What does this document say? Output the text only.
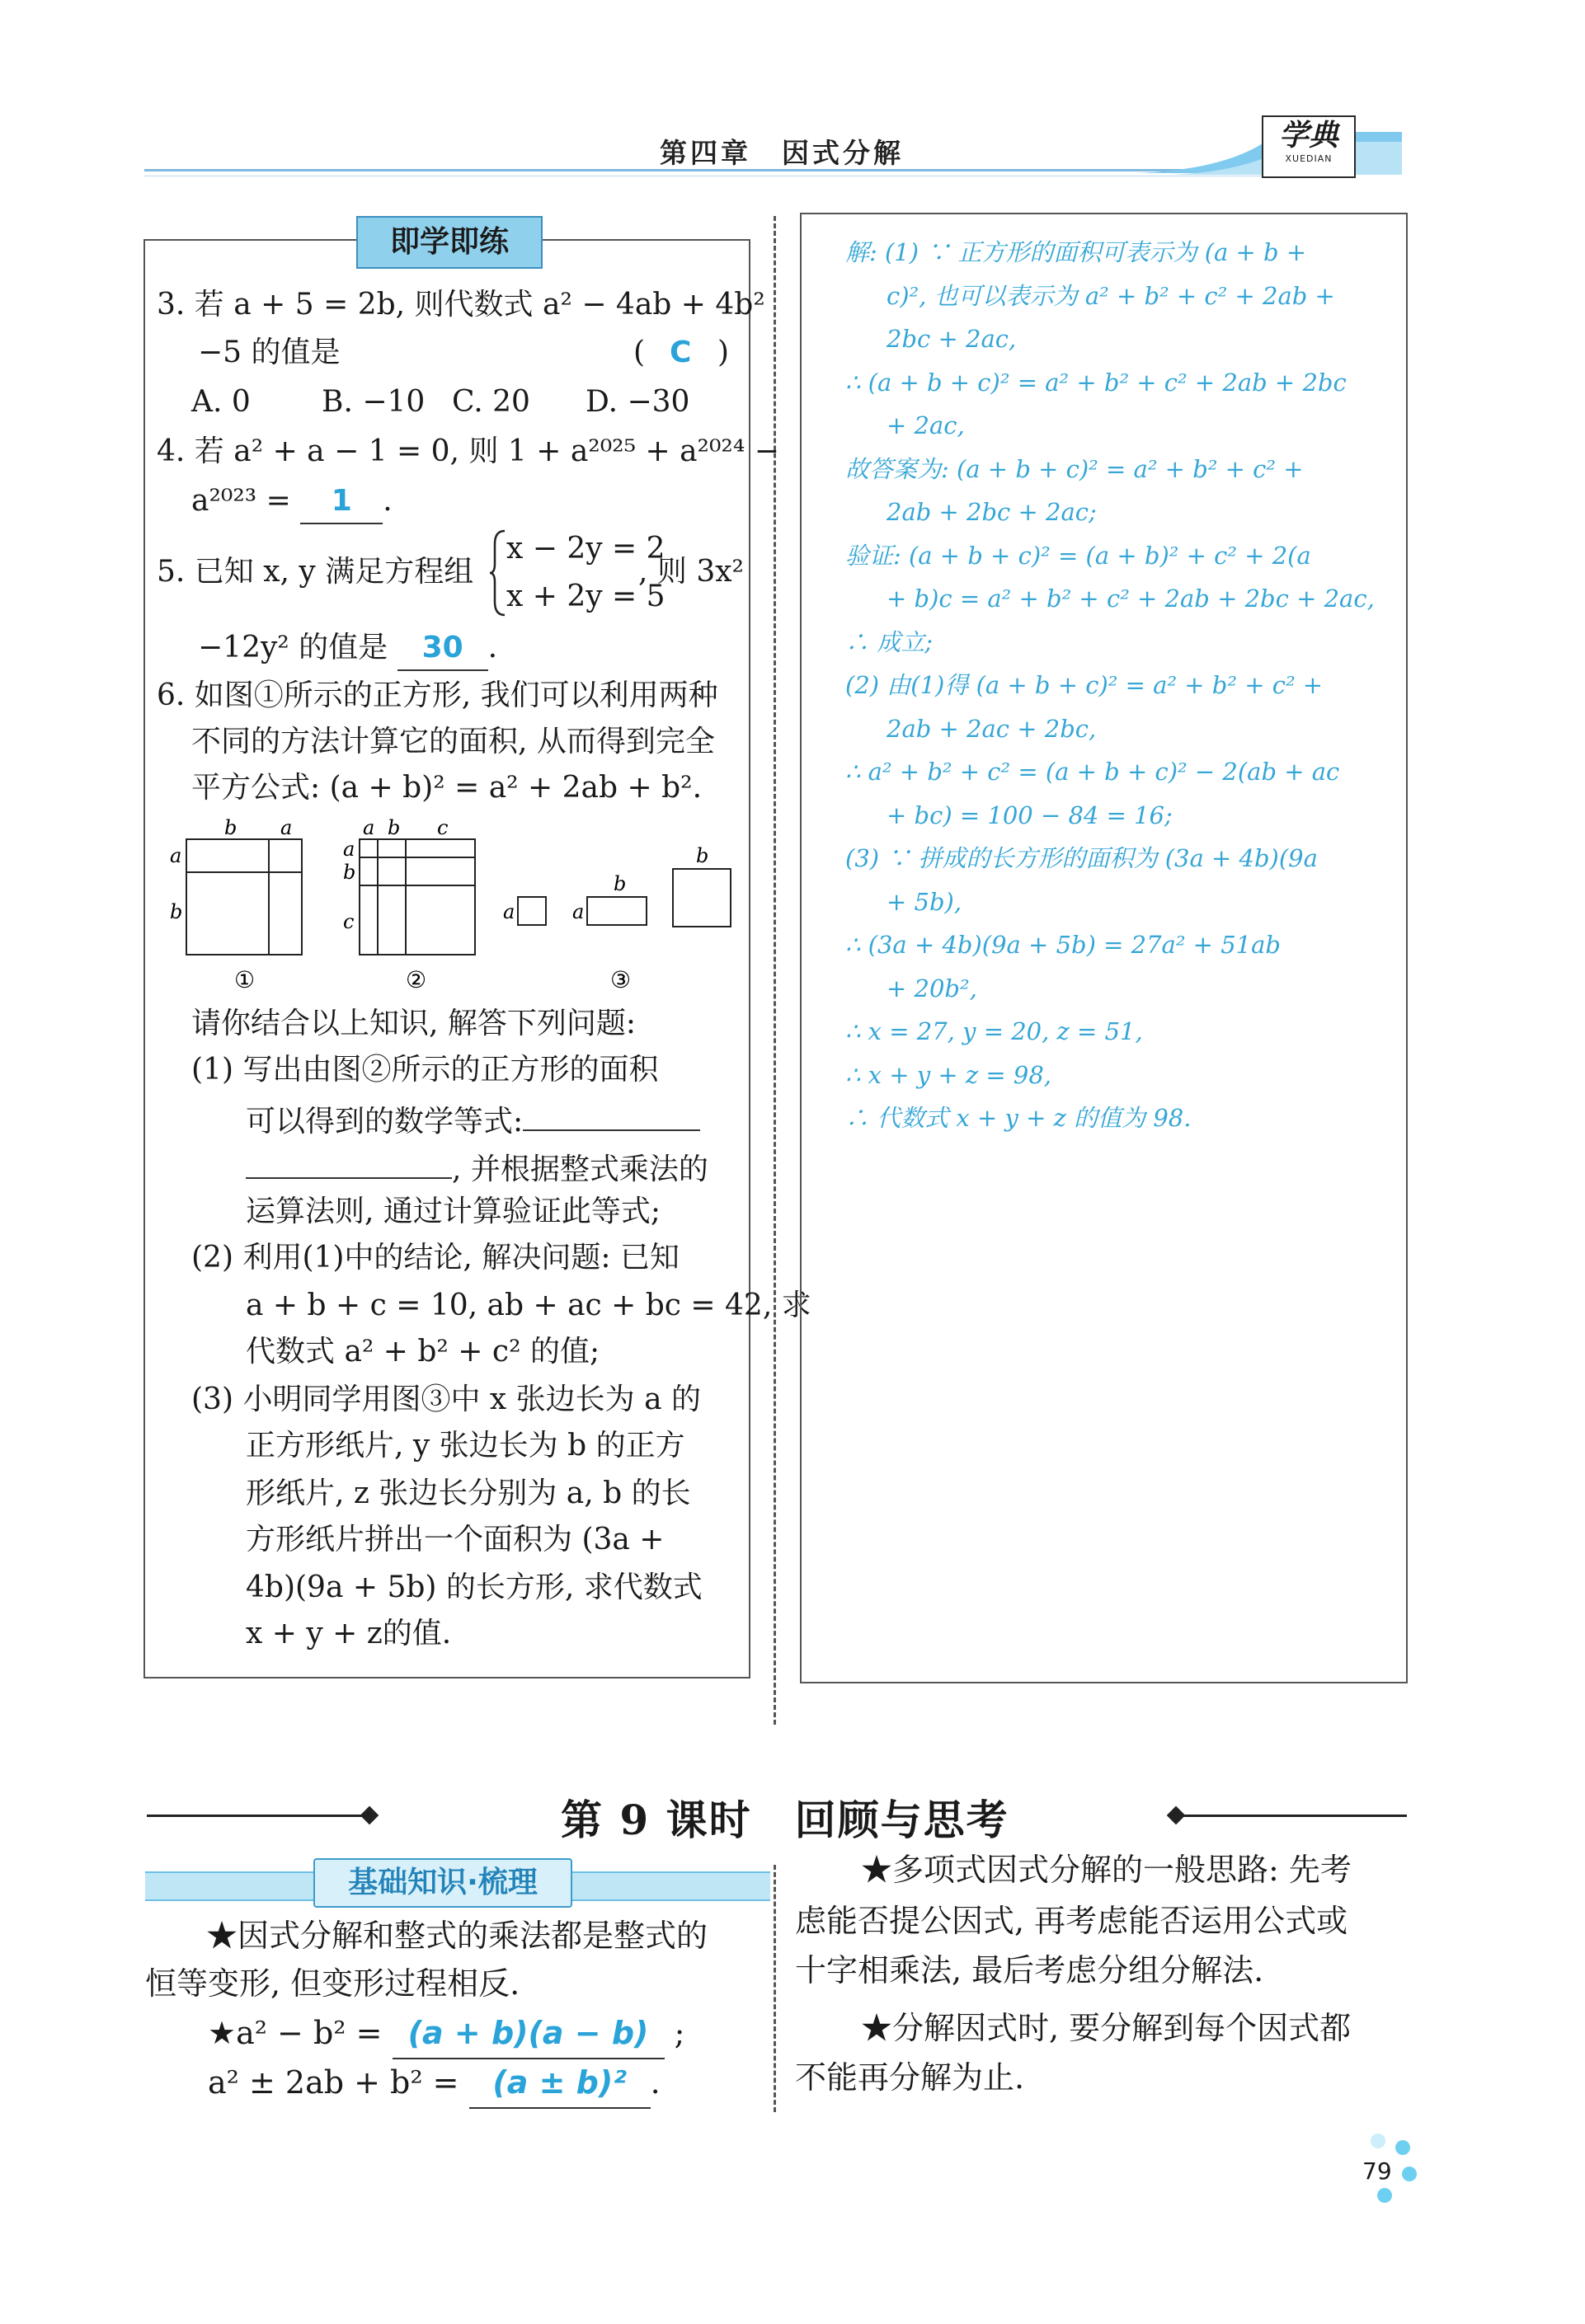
第四章　因式分解
学典
XUEDIAN
即学即练
3. 若 a + 5 = 2b, 则代数式 a² − 4ab + 4b²
−5 的值是	( C )
A. 0 B. −10 C. 20 D. −30
4. 若 a² + a − 1 = 0, 则 1 + a²⁰²⁵ + a²⁰²⁴ −
a²⁰²³ = 1 .
5. 已知 x, y 满足方程组
x − 2y = 2
x + 2y = 5
, 则 3x²
−12y² 的值是 30 .
6. 如图①所示的正方形, 我们可以利用两种
不同的方法计算它的面积, 从而得到完全
平方公式: (a + b)² = a² + 2ab + b².
b a
a
b
①
a b c
a
b
c
②
a	a
b
b
③
请你结合以上知识, 解答下列问题:
(1) 写出由图②所示的正方形的面积
可以得到的数学等式:
, 并根据整式乘法的
运算法则, 通过计算验证此等式;
(2) 利用(1)中的结论, 解决问题: 已知
a + b + c = 10, ab + ac + bc = 42, 求
代数式 a² + b² + c² 的值;
(3) 小明同学用图③中 x 张边长为 a 的
正方形纸片, y 张边长为 b 的正方
形纸片, z 张边长分别为 a, b 的长
方形纸片拼出一个面积为 (3a +
4b)(9a + 5b) 的长方形, 求代数式
x + y + z的值.
解: (1) ∵ 正方形的面积可表示为 (a + b +
c)², 也可以表示为 a² + b² + c² + 2ab +
2bc + 2ac,
∴ (a + b + c)² = a² + b² + c² + 2ab + 2bc
+ 2ac,
故答案为: (a + b + c)² = a² + b² + c² +
2ab + 2bc + 2ac;
验证: (a + b + c)² = (a + b)² + c² + 2(a
+ b)c = a² + b² + c² + 2ab + 2bc + 2ac,
∴ 成立;
(2) 由(1)得 (a + b + c)² = a² + b² + c² +
2ab + 2ac + 2bc,
∴ a² + b² + c² = (a + b + c)² − 2(ab + ac
+ bc) = 100 − 84 = 16;
(3) ∵ 拼成的长方形的面积为 (3a + 4b)(9a
+ 5b),
∴ (3a + 4b)(9a + 5b) = 27a² + 51ab
+ 20b²,
∴ x = 27, y = 20, z = 51,
∴ x + y + z = 98,
∴ 代数式 x + y + z 的值为 98.
第 9 课时　回顾与思考
基础知识·梳理
★因式分解和整式的乘法都是整式的
恒等变形, 但变形过程相反.
★a² − b² = (a + b)(a − b) ;
a² ± 2ab + b² = (a ± b)² .
★多项式因式分解的一般思路: 先考
虑能否提公因式, 再考虑能否运用公式或
十字相乘法, 最后考虑分组分解法.
★分解因式时, 要分解到每个因式都
不能再分解为止.
79
